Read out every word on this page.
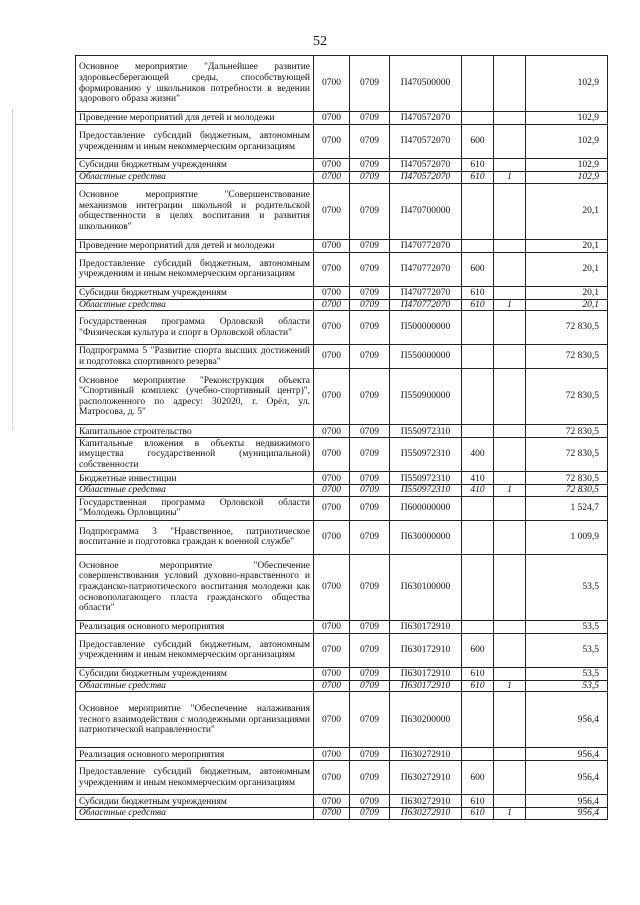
52
Основное мероприятие "Дальнейшее развитие здоровьесберегающей среды, способствующей формированию у школьников потребности в ведении здорового образа жизни"	0700	0709	П470500000			102,9
Проведение мероприятий для детей и молодежи	0700	0709	П470572070			102,9
Предоставление субсидий бюджетным, автономным учреждениям и иным некоммерческим организациям	0700	0709	П470572070	600		102,9
Субсидии бюджетным учреждениям	0700	0709	П470572070	610		102,9
Областные средства	0700	0709	П470572070	610	1	102,9
Основное мероприятие "Совершенствование механизмов интеграции школьной и родительской общественности в целях воспитания и развития школьников"	0700	0709	П470700000			20,1
Проведение мероприятий для детей и молодежи	0700	0709	П470772070			20,1
Предоставление субсидий бюджетным, автономным учреждениям и иным некоммерческим организациям	0700	0709	П470772070	600		20,1
Субсидии бюджетным учреждениям	0700	0709	П470772070	610		20,1
Областные средства	0700	0709	П470772070	610	1	20,1
Государственная программа Орловской области "Физическая культура и спорт в Орловской области"	0700	0709	П500000000			72 830,5
Подпрограмма 5 "Развитие спорта высших достижений и подготовка спортивного резерва"	0700	0709	П550000000			72 830,5
Основное мероприятие "Реконструкция объекта "Спортивный комплекс (учебно-спортивный центр)", расположенного по адресу: 302020, г. Орёл, ул. Матросова, д. 5"	0700	0709	П550900000			72 830,5
Капитальное строительство	0700	0709	П550972310			72 830,5
Капитальные вложения в объекты недвижимого имущества государственной (муниципальной) собственности	0700	0709	П550972310	400		72 830,5
Бюджетные инвестиции	0700	0709	П550972310	410		72 830,5
Областные средства	0700	0709	П550972310	410	1	72 830,5
Государственная программа Орловской области "Молодежь Орловщины"	0700	0709	П600000000			1 524,7
Подпрограмма 3 "Нравственное, патриотическое воспитание и подготовка граждан к военной службе"	0700	0709	П630000000			1 009,9
Основное мероприятие "Обеспечение совершенствования условий духовно-нравственного и гражданско-патриотического воспитания молодежи как основополагающего пласта гражданского общества области"	0700	0709	П630100000			53,5
Реализация основного мероприятия	0700	0709	П630172910			53,5
Предоставление субсидий бюджетным, автономным учреждениям и иным некоммерческим организациям	0700	0709	П630172910	600		53,5
Субсидии бюджетным учреждениям	0700	0709	П630172910	610		53,5
Областные средства	0700	0709	П630172910	610	1	53,5
Основное мероприятие "Обеспечение налаживания тесного взаимодействия с молодежными организациями патриотической направленности"	0700	0709	П630200000			956,4
Реализация основного мероприятия	0700	0709	П630272910			956,4
Предоставление субсидий бюджетным, автономным учреждениям и иным некоммерческим организациям	0700	0709	П630272910	600		956,4
Субсидии бюджетным учреждениям	0700	0709	П630272910	610		956,4
Областные средства	0700	0709	П630272910	610	1	956,4
